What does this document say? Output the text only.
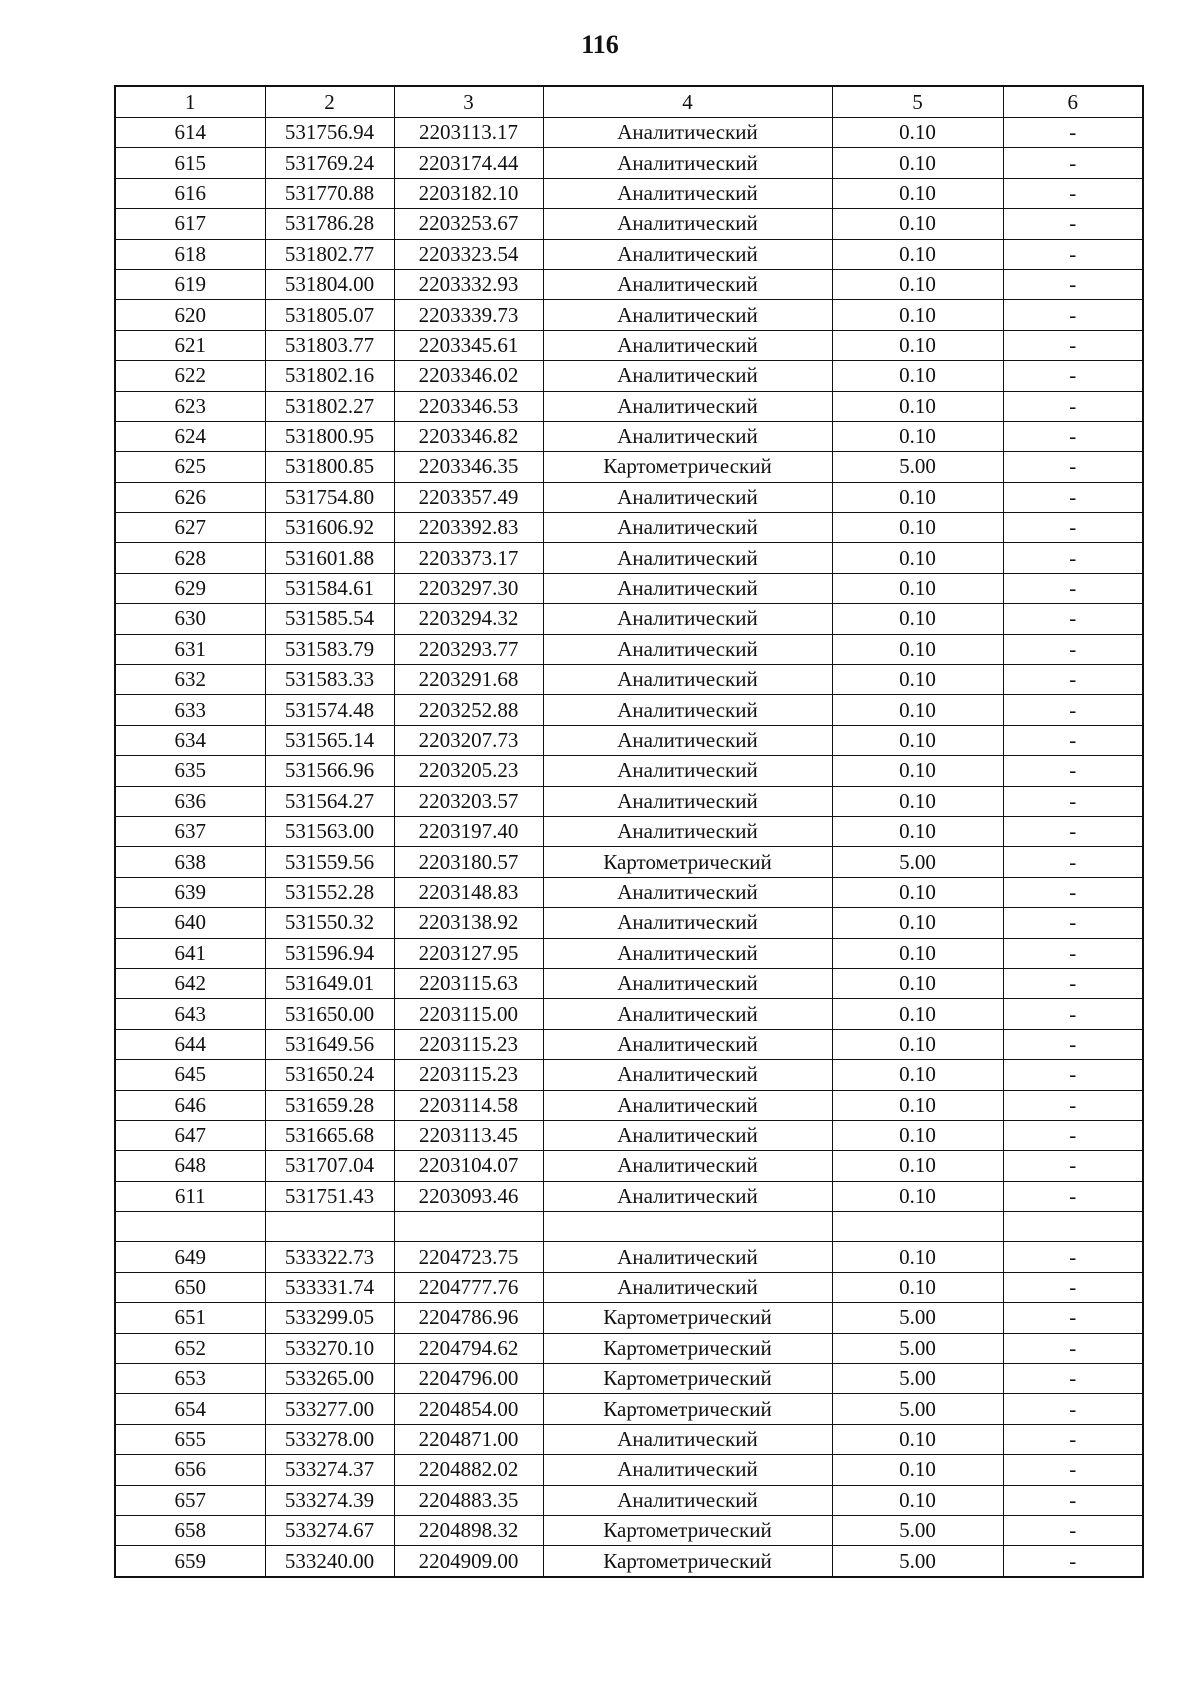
116
1	2	3	4	5	6
614	531756.94	2203113.17	Аналитический	0.10	-
615	531769.24	2203174.44	Аналитический	0.10	-
616	531770.88	2203182.10	Аналитический	0.10	-
617	531786.28	2203253.67	Аналитический	0.10	-
618	531802.77	2203323.54	Аналитический	0.10	-
619	531804.00	2203332.93	Аналитический	0.10	-
620	531805.07	2203339.73	Аналитический	0.10	-
621	531803.77	2203345.61	Аналитический	0.10	-
622	531802.16	2203346.02	Аналитический	0.10	-
623	531802.27	2203346.53	Аналитический	0.10	-
624	531800.95	2203346.82	Аналитический	0.10	-
625	531800.85	2203346.35	Картометрический	5.00	-
626	531754.80	2203357.49	Аналитический	0.10	-
627	531606.92	2203392.83	Аналитический	0.10	-
628	531601.88	2203373.17	Аналитический	0.10	-
629	531584.61	2203297.30	Аналитический	0.10	-
630	531585.54	2203294.32	Аналитический	0.10	-
631	531583.79	2203293.77	Аналитический	0.10	-
632	531583.33	2203291.68	Аналитический	0.10	-
633	531574.48	2203252.88	Аналитический	0.10	-
634	531565.14	2203207.73	Аналитический	0.10	-
635	531566.96	2203205.23	Аналитический	0.10	-
636	531564.27	2203203.57	Аналитический	0.10	-
637	531563.00	2203197.40	Аналитический	0.10	-
638	531559.56	2203180.57	Картометрический	5.00	-
639	531552.28	2203148.83	Аналитический	0.10	-
640	531550.32	2203138.92	Аналитический	0.10	-
641	531596.94	2203127.95	Аналитический	0.10	-
642	531649.01	2203115.63	Аналитический	0.10	-
643	531650.00	2203115.00	Аналитический	0.10	-
644	531649.56	2203115.23	Аналитический	0.10	-
645	531650.24	2203115.23	Аналитический	0.10	-
646	531659.28	2203114.58	Аналитический	0.10	-
647	531665.68	2203113.45	Аналитический	0.10	-
648	531707.04	2203104.07	Аналитический	0.10	-
611	531751.43	2203093.46	Аналитический	0.10	-

649	533322.73	2204723.75	Аналитический	0.10	-
650	533331.74	2204777.76	Аналитический	0.10	-
651	533299.05	2204786.96	Картометрический	5.00	-
652	533270.10	2204794.62	Картометрический	5.00	-
653	533265.00	2204796.00	Картометрический	5.00	-
654	533277.00	2204854.00	Картометрический	5.00	-
655	533278.00	2204871.00	Аналитический	0.10	-
656	533274.37	2204882.02	Аналитический	0.10	-
657	533274.39	2204883.35	Аналитический	0.10	-
658	533274.67	2204898.32	Картометрический	5.00	-
659	533240.00	2204909.00	Картометрический	5.00	-
